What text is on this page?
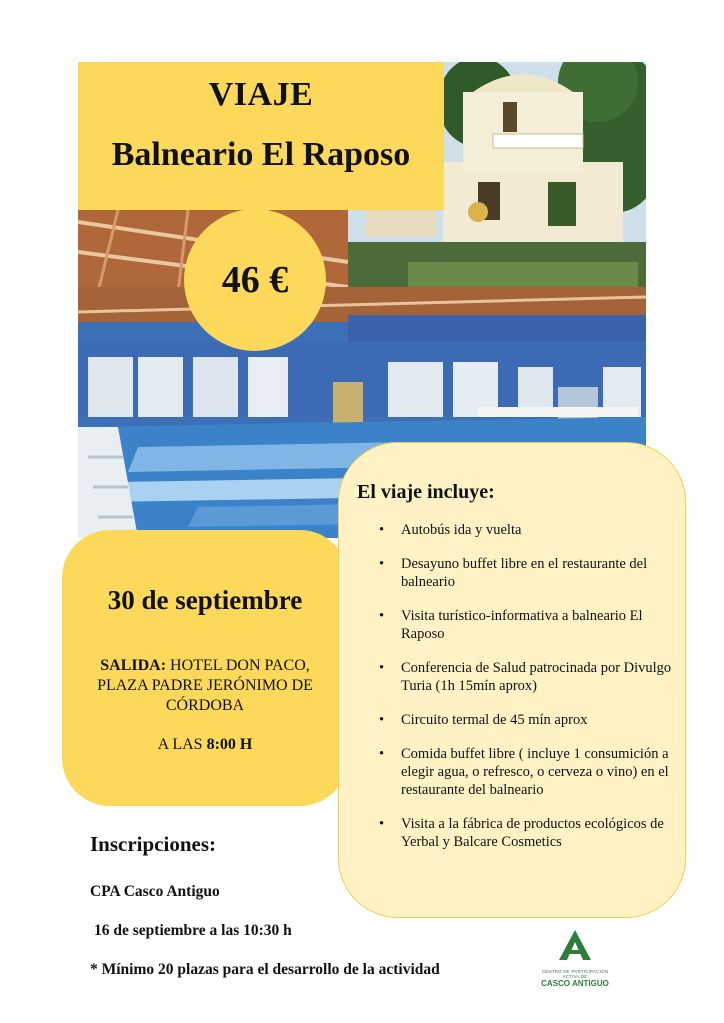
VIAJE
Balneario El Raposo
46 €
30 de septiembre
SALIDA: HOTEL DON PACO, PLAZA PADRE JERÓNIMO DE CÓRDOBA
A LAS 8:00 H
El viaje incluye:
• Autobús ida y vuelta
• Desayuno buffet libre en el restaurante del balneario
• Visita turístico-informativa a balneario El Raposo
• Conferencia de Salud patrocinada por Divulgo Turia (1h 15mín aprox)
• Circuito termal de 45 mín aprox
• Comida buffet libre ( incluye 1 consumición a elegir agua, o refresco, o cerveza o vino) en el restaurante del balneario
• Visita a la fábrica de productos ecológicos de Yerbal y Balcare Cosmetics
Inscripciones:
CPA Casco Antiguo
16 de septiembre a las 10:30 h
* Mínimo 20 plazas para el desarrollo de la actividad	CENTRO DE PARTICIPACIÓN ACTIVA DE
CASCO ANTIGUO
